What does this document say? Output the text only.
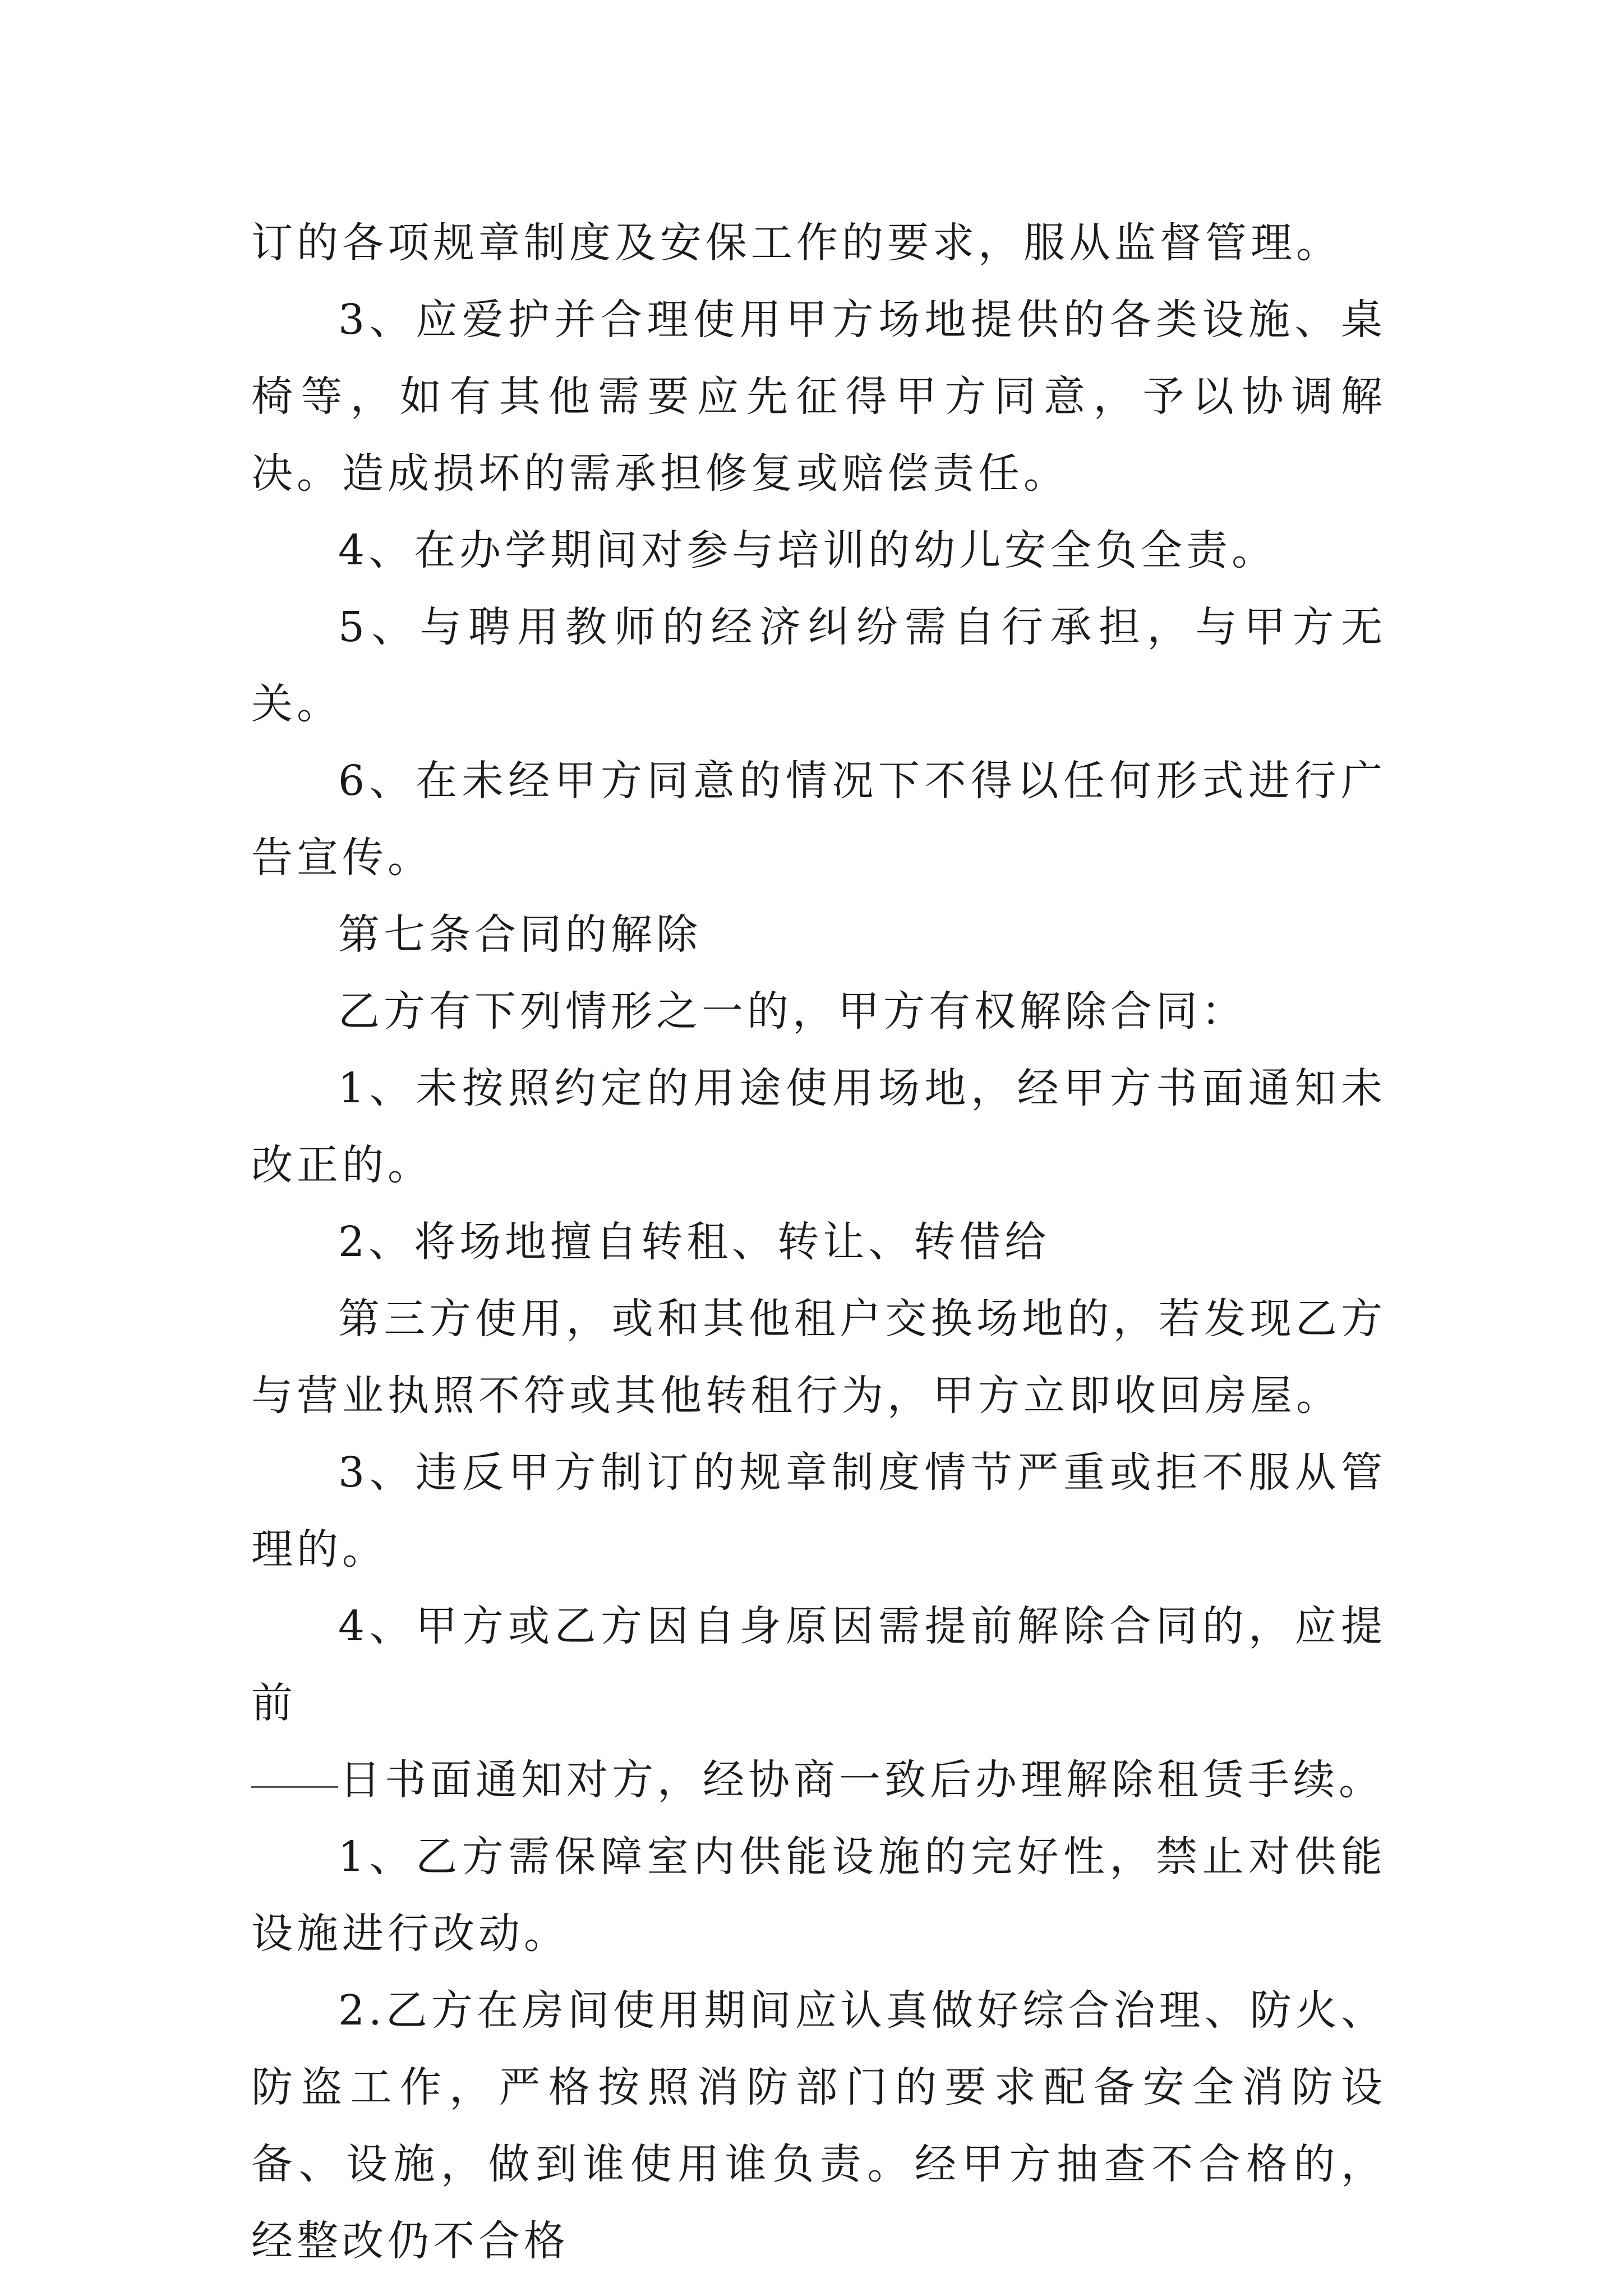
订的各项规章制度及安保工作的要求，服从监督管理。

3、应爱护并合理使用甲方场地提供的各类设施、桌椅等，如有其他需要应先征得甲方同意，予以协调解决。造成损坏的需承担修复或赔偿责任。

4、在办学期间对参与培训的幼儿安全负全责。

5、与聘用教师的经济纠纷需自行承担，与甲方无关。

6、在未经甲方同意的情况下不得以任何形式进行广告宣传。

第七条合同的解除

乙方有下列情形之一的，甲方有权解除合同：

1、未按照约定的用途使用场地，经甲方书面通知未改正的。

2、将场地擅自转租、转让、转借给

第三方使用，或和其他租户交换场地的，若发现乙方与营业执照不符或其他转租行为，甲方立即收回房屋。

3、违反甲方制订的规章制度情节严重或拒不服从管理的。

4、甲方或乙方因自身原因需提前解除合同的，应提前

日书面通知对方，经协商一致后办理解除租赁手续。

1、乙方需保障室内供能设施的完好性，禁止对供能设施进行改动。

2.乙方在房间使用期间应认真做好综合治理、防火、防盗工作，严格按照消防部门的要求配备安全消防设备、设施，做到谁使用谁负责。经甲方抽查不合格的，经整改仍不合格
